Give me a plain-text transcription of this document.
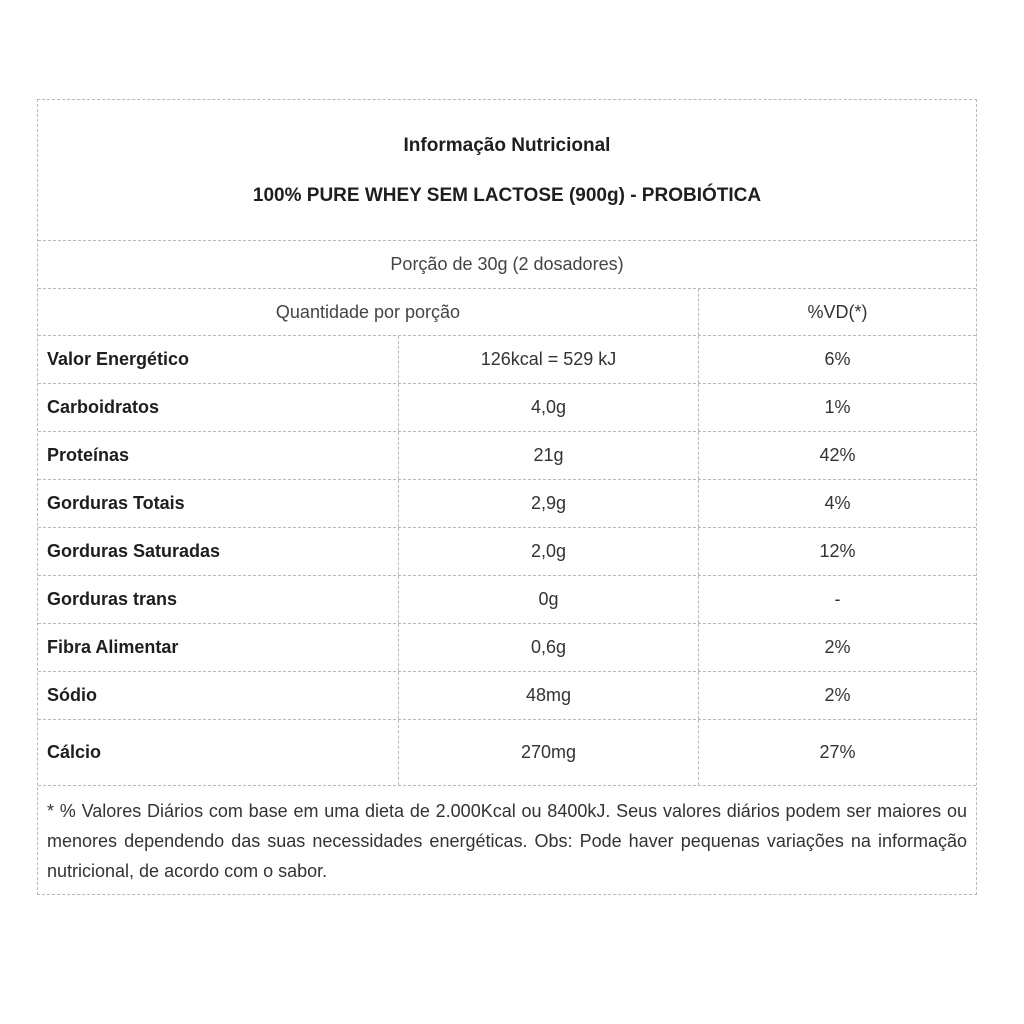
Informação Nutricional
100% PURE WHEY SEM LACTOSE (900g) - PROBIÓTICA
Porção de 30g (2 dosadores)
Quantidade por porção	%VD(*)
Valor Energético	126kcal = 529 kJ	6%
Carboidratos	4,0g	1%
Proteínas	21g	42%
Gorduras Totais	2,9g	4%
Gorduras Saturadas	2,0g	12%
Gorduras trans	0g	-
Fibra Alimentar	0,6g	2%
Sódio	48mg	2%
Cálcio	270mg	27%
* % Valores Diários com base em uma dieta de 2.000Kcal ou 8400kJ. Seus valores diários podem ser maiores ou menores dependendo das suas necessidades energéticas. Obs: Pode haver pequenas variações na informação nutricional, de acordo com o sabor.
